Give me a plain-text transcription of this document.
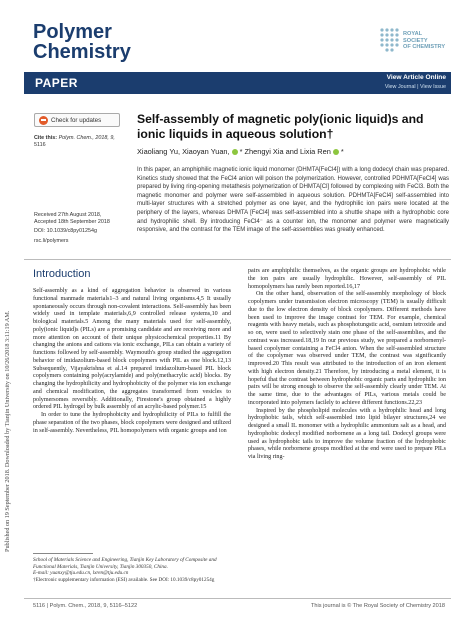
Polymer
Chemistry
ROYAL SOCIETY
OF CHEMISTRY
PAPER	View Article Online
View Journal | View Issue
Published on 19 September 2018. Downloaded by Tianjin University on 10/26/2018 3:11:19 AM.
Check for updates
Cite this: Polym. Chem., 2018, 9,
5116
Received 27th August 2018,
Accepted 18th September 2018
DOI: 10.1039/c8py01254g
rsc.li/polymers
Self-assembly of magnetic poly(ionic liquid)s and
ionic liquids in aqueous solution†
Xiaoliang Yu, Xiaoyan Yuan, * Zhengyi Xia and Lixia Ren *
In this paper, an amphiphilic magnetic ionic liquid monomer (DHMTA[FeCl4]) with a long dodecyl chain was prepared. Kinetics study showed that the FeCl4 anion will poison the polymerization. However, controlled PDHMTA[FeCl4] was prepared by living ring-opening metathesis polymerization of DHMTA[Cl] followed by complexing with FeCl3. Both the magnetic monomer and polymer were self-assembled in aqueous solution. PDHMTA[FeCl4] self-assembled into multi-layer structures with a stretched polymer as one layer, and the hydrophilic ion pairs were located at the periphery of the layers, whereas DHMTA [FeCl4] was self-assembled into a shuttle shape with a hydrophobic core and hydrophilic shell. By introducing FeCl4⁻ as a counter ion, the monomer and polymer were magnetically responsive, and the contrast for the TEM image of the self-assemblies was greatly enhanced.
Introduction

Self-assembly as a kind of aggregation behavior is observed in various functional manmade materials1–3 and natural living organisms.4,5 It usually spontaneously occurs through non-covalent interactions. Self-assembly has been widely used in template materials,6,9 controlled release systems,10 and biological materials.5 Among the many materials used for self-assembly, poly(ionic liquid)s (PILs) are a promising candidate and are receiving more and more attention on account of their unique physicochemical properties.11 By changing the anions and cations via ionic exchange, PILs can obtain a variety of functions followed by self-assembly. Waymouth's group studied the aggregation behavior of imidazolium-based block copolymers with PIL as one block.12,13 Subsequently, Vijayakrishna et al.14 prepared imidazolium-based PIL block copolymers containing poly(acrylamide) and poly(methacrylic acid) blocks. By changing the hydrophilicity and hydrophobicity of the polymer via ion exchange and chemical modification, the aggregates transformed from vesicles to polymersomes reversibly. Additionally, Firestone's group obtained a highly ordered PIL hydrogel by bulk assembly of an acrylic-based polymer.15

In order to tune the hydrophobicity and hydrophilicity of PILs to fulfill the phase separation of the two phases, block copolymers were designed and utilized in self-assembly. Nevertheless, PIL homopolymers with organic groups and ion

pairs are amphiphilic themselves, as the organic groups are hydrophobic while the ion pairs are usually hydrophilic. However, self-assembly of PIL homopolymers has rarely been reported.16,17

On the other hand, observation of the self-assembly morphology of block copolymers under transmission electron microscopy (TEM) is usually difficult due to the low electron density of block copolymers. Different methods have been used to improve the image contrast for TEM. For example, chemical reagents with heavy metals, such as phosphotungstic acid, osmium tetroxide and so on, were used to selectively stain one phase of the self-assemblies, and the contrast was increased.18,19 In our previous study, we prepared a norbornenyl-based copolymer containing a FeCl4 anion. When the self-assembled structure of the copolymer was observed under TEM, the contrast was significantly improved.20 This result was attributed to the introduction of an iron element with high electron density.21 Therefore, by introducing a metal element, it is hopeful that the contrast between hydrophobic organic parts and hydrophilic ion pairs will be strong enough to observe the self-assembly clearly under TEM. At the same time, due to the advantages of PILs, various metals could be incorporated into polymers facilely to achieve different functions.22,23

Inspired by the phospholipid molecules with a hydrophilic head and long hydrophobic tails, which self-assembled into lipid bilayer structures,24 we designed a small IL monomer with a hydrophilic ammonium salt as a head, and hydrophobic dodecyl modified norbornene as a long tail. Dodecyl groups were used as hydrophobic tails to improve the volume fraction of the hydrophobic phases, while norbornene groups modified at the end were used to prepare PILs via living ring-

School of Materials Science and Engineering, Tianjin Key Laboratory of Composite and Functional Materials, Tianjin University, Tianjin 300350, China.
E-mail: yuanxy@tju.edu.cn, lxren@tju.edu.cn
†Electronic supplementary information (ESI) available. See DOI: 10.1039/c8py01254g
5116 | Polym. Chem., 2018, 9, 5116–5122	This journal is © The Royal Society of Chemistry 2018
